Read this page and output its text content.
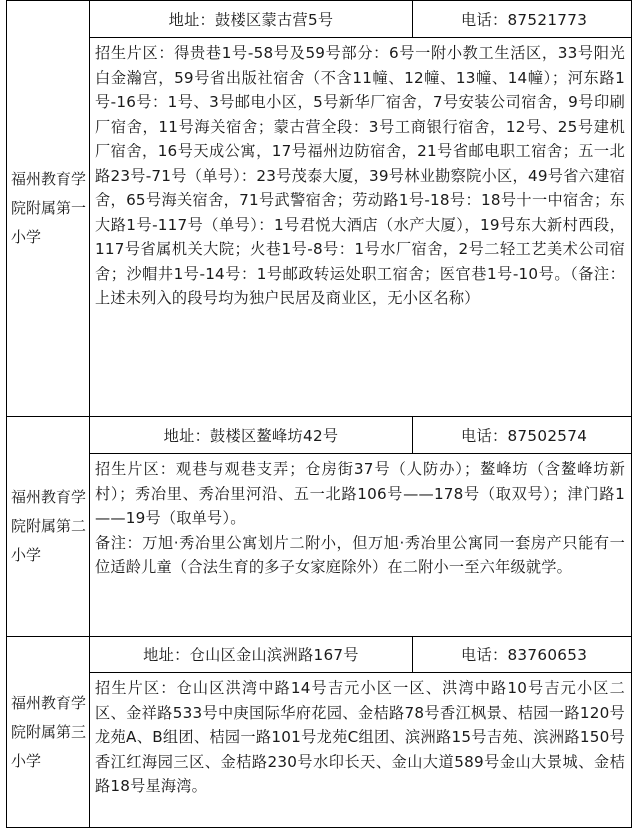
福州教育学院附属第一小学	地址：鼓楼区蒙古营5号	电话：87521773

	招生片区：得贵巷1号-58号及59号部分：6号一附小教工生活区，33号阳光白金瀚宫，59号省出版社宿舍（不含11幢、12幢、13幢、14幢）；河东路1号-16号：1号、3号邮电小区，5号新华厂宿舍，7号安装公司宿舍，9号印刷厂宿舍，11号海关宿舍；蒙古营全段：3号工商银行宿舍，12号、25号建机厂宿舍，16号天成公寓，17号福州边防宿舍，21号省邮电职工宿舍；五一北路23号-71号（单号）：23号茂泰大厦，39号林业勘察院小区，49号省六建宿舍，65号海关宿舍，71号武警宿舍；劳动路1号-18号：18号十一中宿舍；东大路1号-117号（单号）：1号君悦大酒店（水产大厦），19号东大新村西段，117号省属机关大院；火巷1号-8号：1号水厂宿舍，2号二轻工艺美术公司宿舍；沙帽井1号-14号：1号邮政转运处职工宿舍；医官巷1号-10号。（备注：上述未列入的段号均为独户民居及商业区，无小区名称）	

福州教育学院附属第二小学	地址：鼓楼区鳌峰坊42号	电话：87502574

	招生片区：观巷与观巷支弄；仓房街37号（人防办）；鳌峰坊（含鳌峰坊新村）；秀冶里、秀冶里河沿、五一北路106号——178号（取双号）；津门路1——19号（取单号）。

备注：万旭·秀冶里公寓划片二附小，但万旭·秀冶里公寓同一套房产只能有一位适龄儿童（合法生育的多子女家庭除外）在二附小一至六年级就学。	

福州教育学院附属第三小学	地址：仓山区金山滨洲路167号	电话：83760653

	招生片区：仓山区洪湾中路14号吉元小区一区、洪湾中路10号吉元小区二区、金祥路533号中庚国际华府花园、金桔路78号香江枫景、桔园一路120号龙苑A、B组团、桔园一路101号龙苑C组团、滨洲路15号吉苑、滨洲路150号香江红海园三区、金桔路230号水印长天、金山大道589号金山大景城、金桔路18号星海湾。	
